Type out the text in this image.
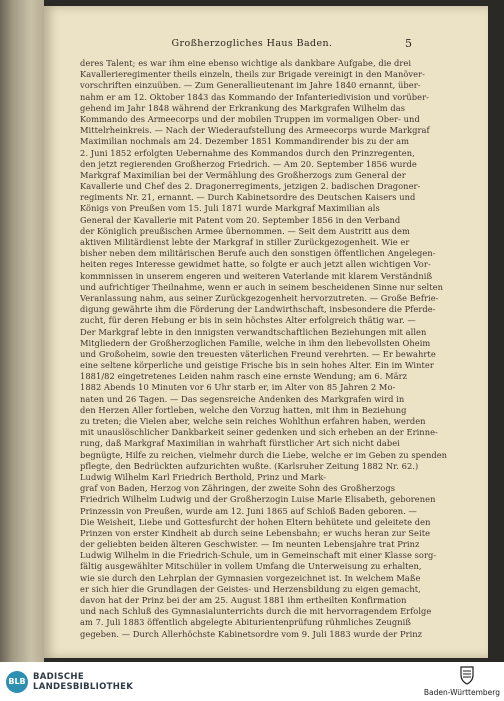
Großherzogliches Haus Baden.	5
deres Talent; es war ihm eine ebenso wichtige als dankbare Aufgabe, die drei
Kavallerieregimenter theils einzeln, theils zur Brigade vereinigt in den Manöver-
vorschriften einzuüben. — Zum Generallieutenant im Jahre 1840 ernannt, über-
nahm er am 12. Oktober 1843 das Kommando der Infanteriedivision und vorüber-
gehend im Jahr 1848 während der Erkrankung des Markgrafen Wilhelm das
Kommando des Armeecorps und der mobilen Truppen im vormaligen Ober- und
Mittelrheinkreis. — Nach der Wiederaufstellung des Armeecorps wurde Markgraf
Maximilian nochmals am 24. Dezember 1851 Kommandirender bis zu der am
2. Juni 1852 erfolgten Uebernahme des Kommandos durch den Prinzregenten,
den jetzt regierenden Großherzog Friedrich. — Am 20. September 1856 wurde
Markgraf Maximilian bei der Vermählung des Großherzogs zum General der
Kavallerie und Chef des 2. Dragonerregiments, jetzigen 2. badischen Dragoner-
regiments Nr. 21, ernannt. — Durch Kabinetsordre des Deutschen Kaisers und
Königs von Preußen vom 15. Juli 1871 wurde Markgraf Maximilian als
General der Kavallerie mit Patent vom 20. September 1856 in den Verband
der Königlich preußischen Armee übernommen. — Seit dem Austritt aus dem
aktiven Militärdienst lebte der Markgraf in stiller Zurückgezogenheit. Wie er
bisher neben dem militärischen Berufe auch den sonstigen öffentlichen Angelegen-
heiten reges Interesse gewidmet hatte, so folgte er auch jetzt allen wichtigen Vor-
kommnissen in unserem engeren und weiteren Vaterlande mit klarem Verständniß
und aufrichtiger Theilnahme, wenn er auch in seinem bescheidenen Sinne nur selten
Veranlassung nahm, aus seiner Zurückgezogenheit hervorzutreten. — Große Befrie-
digung gewährte ihm die Förderung der Landwirthschaft, insbesondere die Pferde-
zucht, für deren Hebung er bis in sein höchstes Alter erfolgreich thätig war. —
Der Markgraf lebte in den innigsten verwandtschaftlichen Beziehungen mit allen
Mitgliedern der Großherzoglichen Familie, welche in ihm den liebevollsten Oheim
und Großoheim, sowie den treuesten väterlichen Freund verehrten. — Er bewahrte
eine seltene körperliche und geistige Frische bis in sein hohes Alter. Ein im Winter
1881/82 eingetretenes Leiden nahm rasch eine ernste Wendung; am 6. März
1882 Abends 10 Minuten vor 6 Uhr starb er, im Alter von 85 Jahren 2 Mo-
naten und 26 Tagen. — Das segensreiche Andenken des Markgrafen wird in
den Herzen Aller fortleben, welche den Vorzug hatten, mit ihm in Beziehung
zu treten; die Vielen aber, welche sein reiches Wohlthun erfahren haben, werden
mit unauslöschlicher Dankbarkeit seiner gedenken und sich erheben an der Erinne-
rung, daß Markgraf Maximilian in wahrhaft fürstlicher Art sich nicht dabei
begnügte, Hilfe zu reichen, vielmehr durch die Liebe, welche er im Geben zu spenden
pflegte, den Bedrückten aufzurichten wußte. (Karlsruher Zeitung 1882 Nr. 62.)
Ludwig Wilhelm Karl Friedrich Berthold, Prinz und Mark-
graf von Baden, Herzog von Zähringen, der zweite Sohn des Großherzogs
Friedrich Wilhelm Ludwig und der Großherzogin Luise Marie Elisabeth, geborenen
Prinzessin von Preußen, wurde am 12. Juni 1865 auf Schloß Baden geboren. —
Die Weisheit, Liebe und Gottesfurcht der hohen Eltern behütete und geleitete den
Prinzen von erster Kindheit ab durch seine Lebensbahn; er wuchs heran zur Seite
der geliebten beiden älteren Geschwister. — Im neunten Lebensjahre trat Prinz
Ludwig Wilhelm in die Friedrich-Schule, um in Gemeinschaft mit einer Klasse sorg-
fältig ausgewählter Mitschüler in vollem Umfang die Unterweisung zu erhalten,
wie sie durch den Lehrplan der Gymnasien vorgezeichnet ist. In welchem Maße
er sich hier die Grundlagen der Geistes- und Herzensbildung zu eigen gemacht,
davon hat der Prinz bei der am 25. August 1881 ihm ertheilten Konfirmation
und nach Schluß des Gymnasialunterrichts durch die mit hervorragendem Erfolge
am 7. Juli 1883 öffentlich abgelegte Abiturientenprüfung rühmliches Zeugniß
gegeben. — Durch Allerhöchste Kabinetsordre vom 9. Juli 1883 wurde der Prinz
BLB BADISCHE
LANDESBIBLIOTHEK
Baden-Württemberg
